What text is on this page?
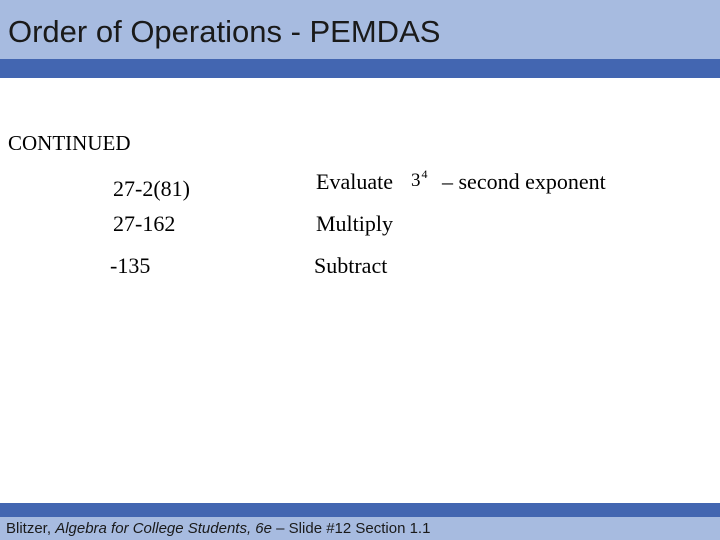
Order of Operations - PEMDAS
CONTINUED
27-2(81)
27-162
-135
Evaluate
Multiply
Subtract
$3^4$ – second exponent
Blitzer, Algebra for College Students, 6e – Slide #12 Section 1.1
